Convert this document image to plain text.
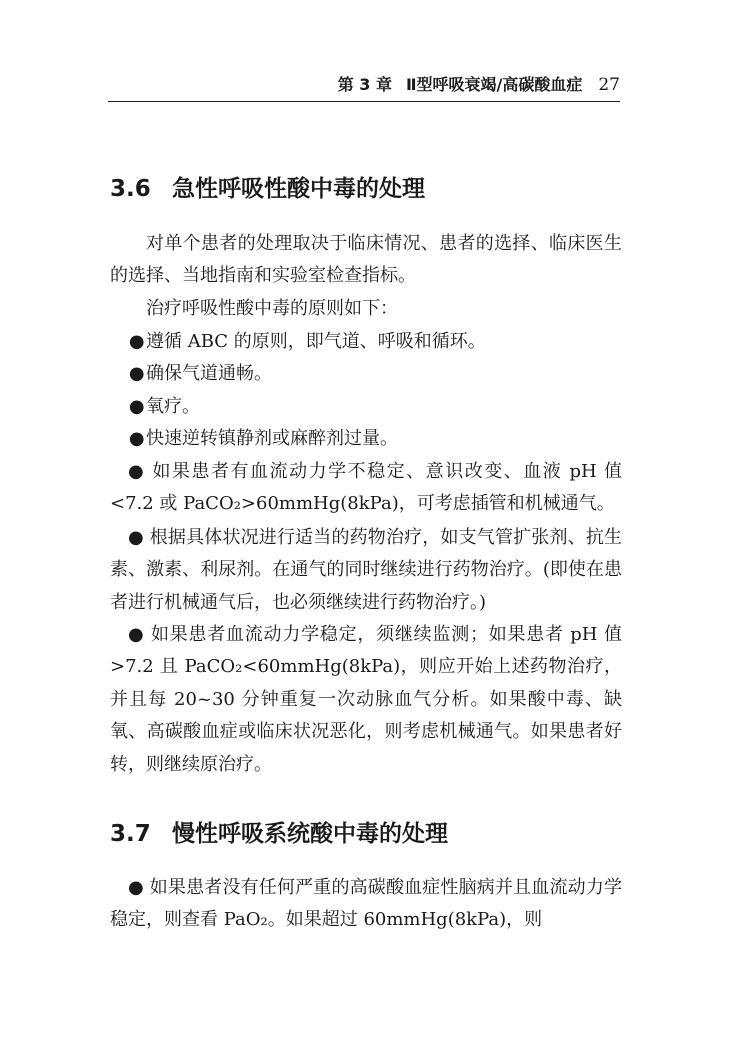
第 3 章 Ⅱ型呼吸衰竭/高碳酸血症 27
3.6 急性呼吸性酸中毒的处理

对单个患者的处理取决于临床情况、患者的选择、临床医生的选择、当地指南和实验室检查指标。

治疗呼吸性酸中毒的原则如下：

● 遵循 ABC 的原则，即气道、呼吸和循环。
● 确保气道通畅。
● 氧疗。
● 快速逆转镇静剂或麻醉剂过量。

● 如果患者有血流动力学不稳定、意识改变、血液 pH 值<7.2 或 PaCO₂>60mmHg(8kPa)，可考虑插管和机械通气。

● 根据具体状况进行适当的药物治疗，如支气管扩张剂、抗生素、激素、利尿剂。在通气的同时继续进行药物治疗。(即使在患者进行机械通气后，也必须继续进行药物治疗。)

● 如果患者血流动力学稳定，须继续监测；如果患者 pH 值>7.2 且 PaCO₂<60mmHg(8kPa)，则应开始上述药物治疗，并且每 20~30 分钟重复一次动脉血气分析。如果酸中毒、缺氧、高碳酸血症或临床状况恶化，则考虑机械通气。如果患者好转，则继续原治疗。

3.7 慢性呼吸系统酸中毒的处理

● 如果患者没有任何严重的高碳酸血症性脑病并且血流动力学稳定，则查看 PaO₂。如果超过 60mmHg(8kPa)，则
